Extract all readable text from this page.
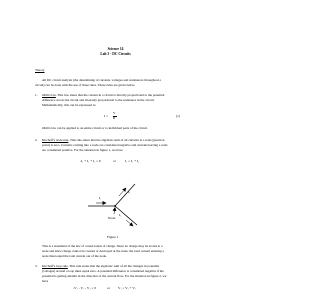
Science 14
Lab 3 - DC Circuits
Theory
All DC circuit analysis (the determining of currents, voltages and resistances throughout a
circuit) can be done with the use of three rules. These rules are given below.
1. Ohm's law. This law states that the current in a circuit is directly proportional to the potential
difference across the circuit and inversely proportional to the resistance in the circuit.
Mathematically, this can be expressed as
I =
V
R	(1)
Ohm's law can be applied to an entire circuit or to individual parts of the circuit.
2. Kirchoff's node rule. This rule states that the algebraic sum of all currents at a node (junction
point) is zero. Currents coming into a node are considered negative and currents leaving a node
are considered positive. For the situation in figure 1, we have
-I₁ + I₂ + I₃ = 0	or	I₁ = I₂ + I₃
I₁
I₂
I₃
Node
Figure 1
This is a statement of the law of conservation of charge. Since no charge may be stored at a
node and since charge cannot be created or destroyed at the node, the total current entering a
node must equal the total current out of the node.
3. Kirchoff's loop rule. This rule states that the algebraic sum of all the changes in potential
(voltages) around a loop must equal zero. A potential difference is considered negative if the
potential is getting smaller in the direction of the current flow. For the situation in figure 2, we
have
-V₁ - V₂ - V₃ = 0	or V₁ = V₂ + V₃
